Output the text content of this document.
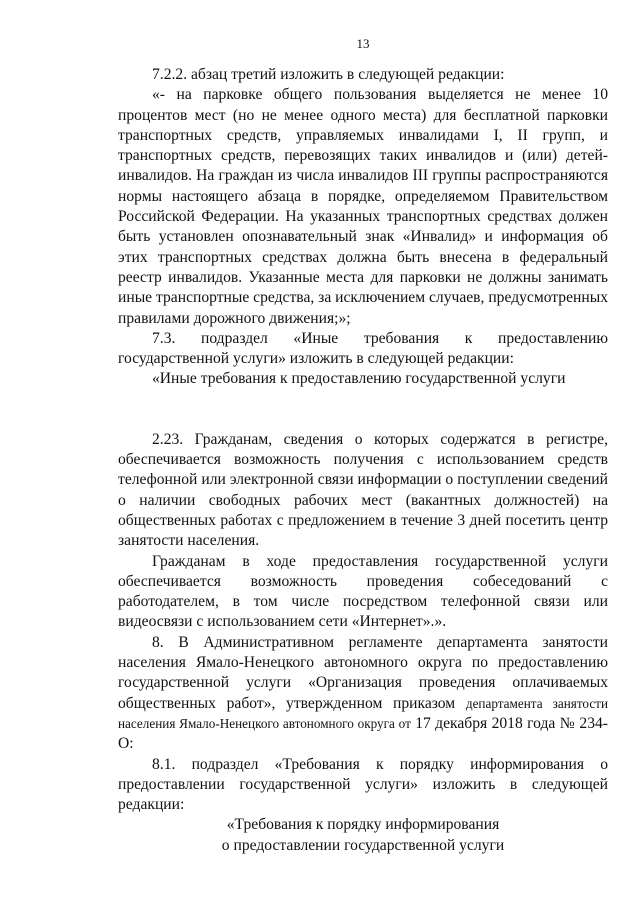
13

7.2.2. абзац третий изложить в следующей редакции:

«- на парковке общего пользования выделяется не менее 10 процентов мест (но не менее одного места) для бесплатной парковки транспортных средств, управляемых инвалидами I, II групп, и транспортных средств, перевозящих таких инвалидов и (или) детей-инвалидов. На граждан из числа инвалидов III группы распространяются нормы настоящего абзаца в порядке, определяемом Правительством Российской Федерации. На указанных транспортных средствах должен быть установлен опознавательный знак «Инвалид» и информация об этих транспортных средствах должна быть внесена в федеральный реестр инвалидов. Указанные места для парковки не должны занимать иные транспортные средства, за исключением случаев, предусмотренных правилами дорожного движения;»;

7.3. подраздел «Иные требования к предоставлению государственной услуги» изложить в следующей редакции:

«Иные требования к предоставлению государственной услуги

2.23. Гражданам, сведения о которых содержатся в регистре, обеспечивается возможность получения с использованием средств телефонной или электронной связи информации о поступлении сведений о наличии свободных рабочих мест (вакантных должностей) на общественных работах с предложением в течение 3 дней посетить центр занятости населения.

Гражданам в ходе предоставления государственной услуги обеспечивается возможность проведения собеседований с работодателем, в том числе посредством телефонной связи или видеосвязи с использованием сети «Интернет».».

8. В Административном регламенте департамента занятости населения Ямало-Ненецкого автономного округа по предоставлению государственной услуги «Организация проведения оплачиваемых общественных работ», утвержденном приказом департамента занятости населения Ямало-Ненецкого автономного округа от 17 декабря 2018 года № 234-О:

8.1. подраздел «Требования к порядку информирования о предоставлении государственной услуги» изложить в следующей редакции:

«Требования к порядку информирования

о предоставлении государственной услуги
